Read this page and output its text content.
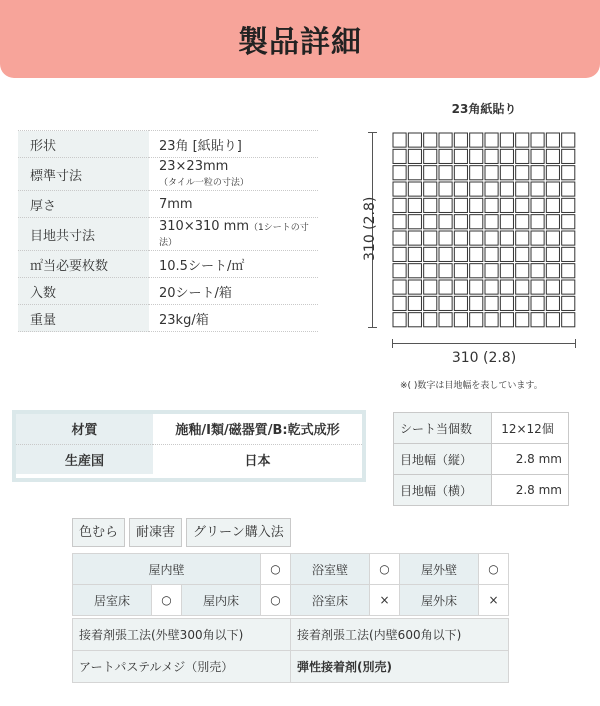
製品詳細
形状	23角 [紙貼り]
標準寸法	23×23mm（タイル一粒の寸法）
厚さ	7mm
目地共寸法	310×310 mm（1シートの寸法）
㎡当必要枚数	10.5シート/㎡
入数	20シート/箱
重量	23kg/箱
23角紙貼り
310 (2.8)
310 (2.8)
※( )数字は目地幅を表しています。
材質	施釉/Ⅰ類/磁器質/B:乾式成形
生産国	日本
シート当個数	12×12個
目地幅（縦）	2.8 mm
目地幅（横）	2.8 mm
色むら	耐凍害	グリーン購入法
屋内壁			○	浴室壁	○	屋外壁	○
居室床	○	屋内床	○	浴室床	×	屋外床	×
接着剤張工法(外壁300角以下)	接着剤張工法(内壁600角以下)
アートパステルメジ（別売）	弾性接着剤(別売)
